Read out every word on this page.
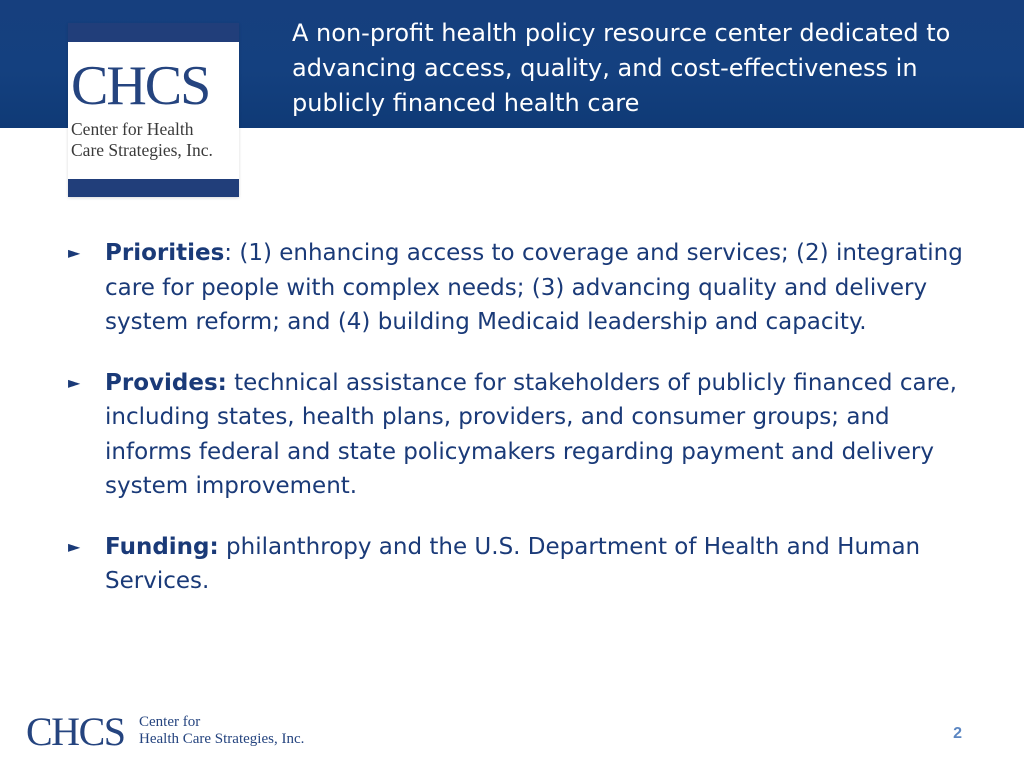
A non-profit health policy resource center dedicated to advancing access, quality, and cost-effectiveness in publicly financed health care
CHCS
Center for Health
Care Strategies, Inc.
► Priorities: (1) enhancing access to coverage and services; (2) integrating care for people with complex needs; (3) advancing quality and delivery system reform; and (4) building Medicaid leadership and capacity.
► Provides: technical assistance for stakeholders of publicly financed care, including states, health plans, providers, and consumer groups; and informs federal and state policymakers regarding payment and delivery system improvement.
► Funding: philanthropy and the U.S. Department of Health and Human Services.
CHCS Center for
Health Care Strategies, Inc.	2
